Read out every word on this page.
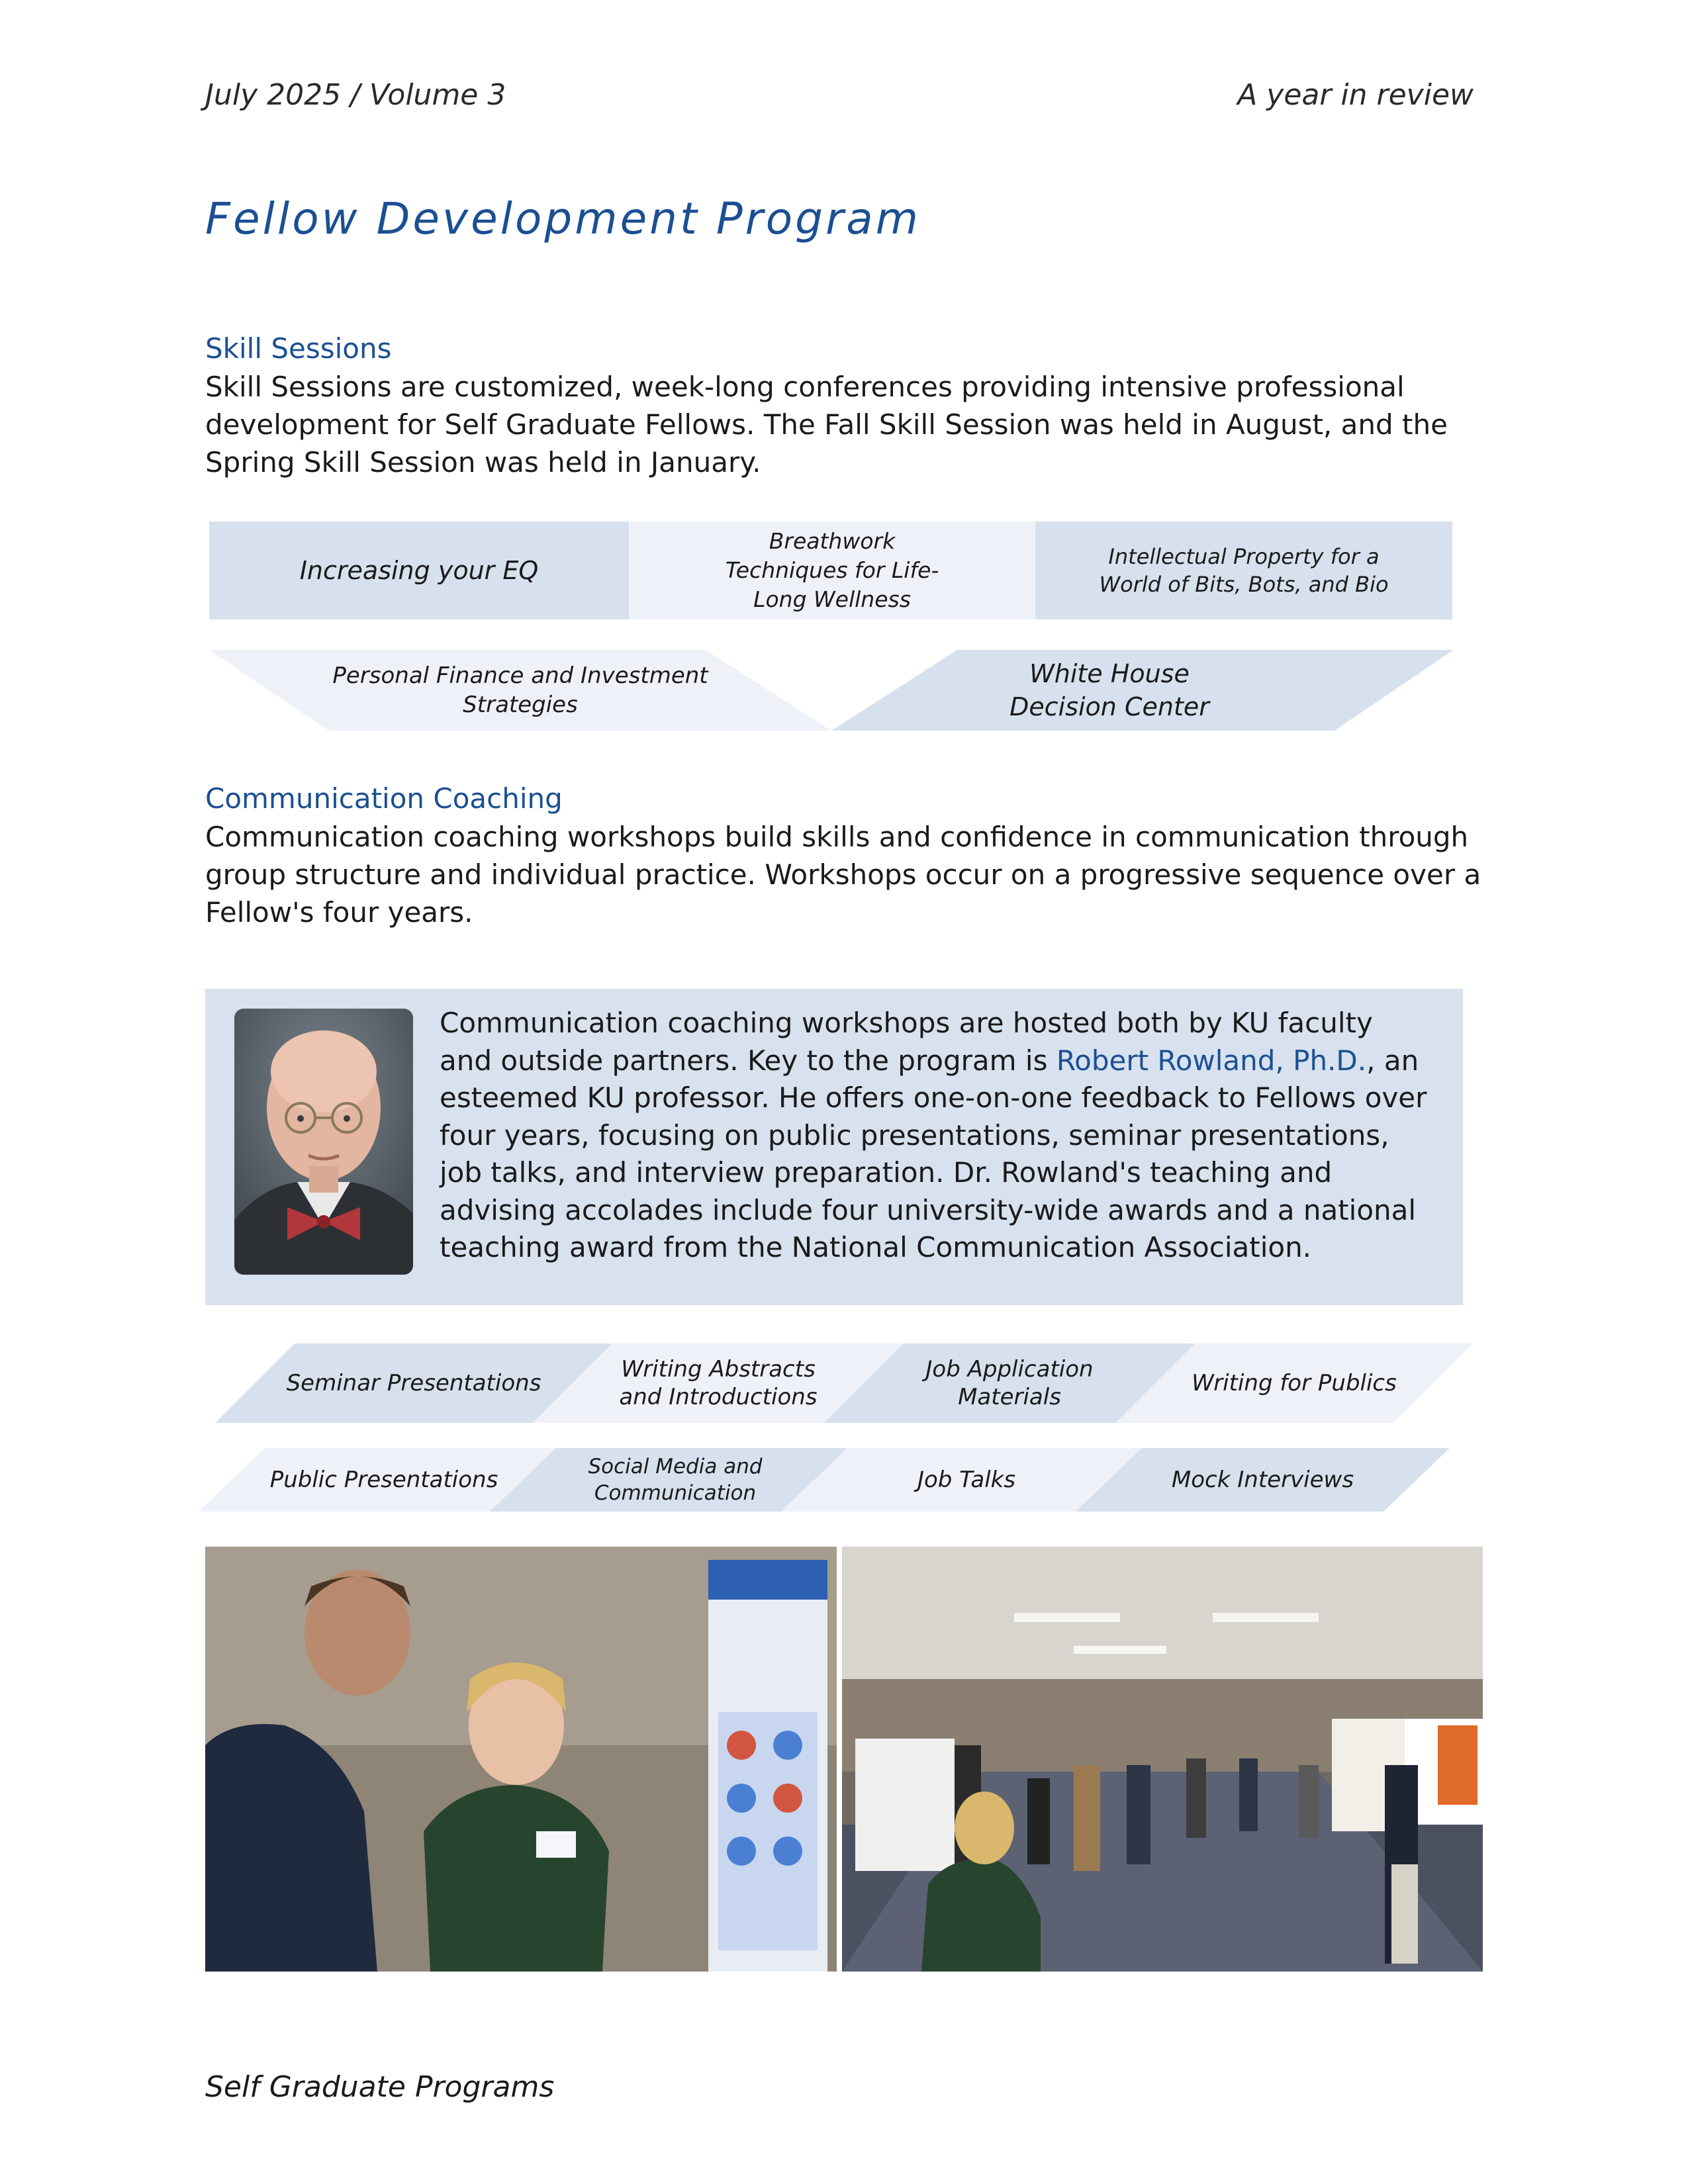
July 2025 / Volume 3	A year in review
Fellow Development Program
Skill Sessions
Skill Sessions are customized, week-long conferences providing intensive professional development for Self Graduate Fellows. The Fall Skill Session was held in August, and the Spring Skill Session was held in January.
Increasing your EQ
Breathwork Techniques for Life-Long Wellness
Intellectual Property for a World of Bits, Bots, and Bio
Personal Finance and Investment Strategies
White House Decision Center
Communication Coaching
Communication coaching workshops build skills and confidence in communication through group structure and individual practice. Workshops occur on a progressive sequence over a Fellow's four years.
Communication coaching workshops are hosted both by KU faculty and outside partners. Key to the program is Robert Rowland, Ph.D., an esteemed KU professor. He offers one-on-one feedback to Fellows over four years, focusing on public presentations, seminar presentations, job talks, and interview preparation. Dr. Rowland's teaching and advising accolades include four university-wide awards and a national teaching award from the National Communication Association.
Seminar Presentations
Writing Abstracts and Introductions
Job Application Materials
Writing for Publics
Public Presentations	Social Media and Communication	Job Talks	Mock Interviews
Self Graduate Programs
